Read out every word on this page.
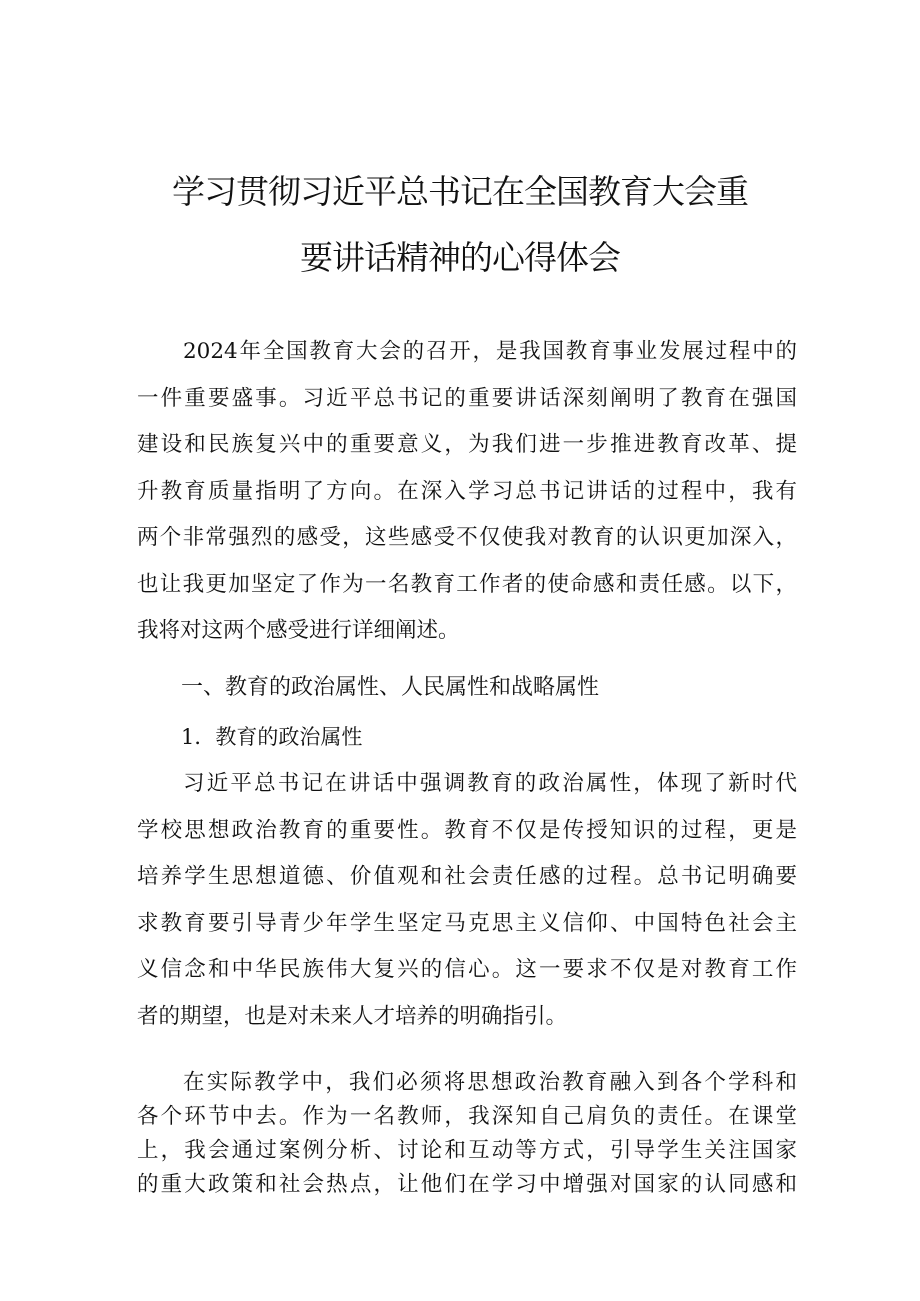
学习贯彻习近平总书记在全国教育大会重
要讲话精神的心得体会
2024年全国教育大会的召开，是我国教育事业发展过程中的
一件重要盛事。习近平总书记的重要讲话深刻阐明了教育在强国
建设和民族复兴中的重要意义，为我们进一步推进教育改革、提
升教育质量指明了方向。在深入学习总书记讲话的过程中，我有
两个非常强烈的感受，这些感受不仅使我对教育的认识更加深入，
也让我更加坚定了作为一名教育工作者的使命感和责任感。以下，
我将对这两个感受进行详细阐述。
一、教育的政治属性、人民属性和战略属性
1．教育的政治属性
习近平总书记在讲话中强调教育的政治属性，体现了新时代
学校思想政治教育的重要性。教育不仅是传授知识的过程，更是
培养学生思想道德、价值观和社会责任感的过程。总书记明确要
求教育要引导青少年学生坚定马克思主义信仰、中国特色社会主
义信念和中华民族伟大复兴的信心。这一要求不仅是对教育工作
者的期望，也是对未来人才培养的明确指引。
在实际教学中，我们必须将思想政治教育融入到各个学科和
各个环节中去。作为一名教师，我深知自己肩负的责任。在课堂
上，我会通过案例分析、讨论和互动等方式，引导学生关注国家
的重大政策和社会热点，让他们在学习中增强对国家的认同感和
